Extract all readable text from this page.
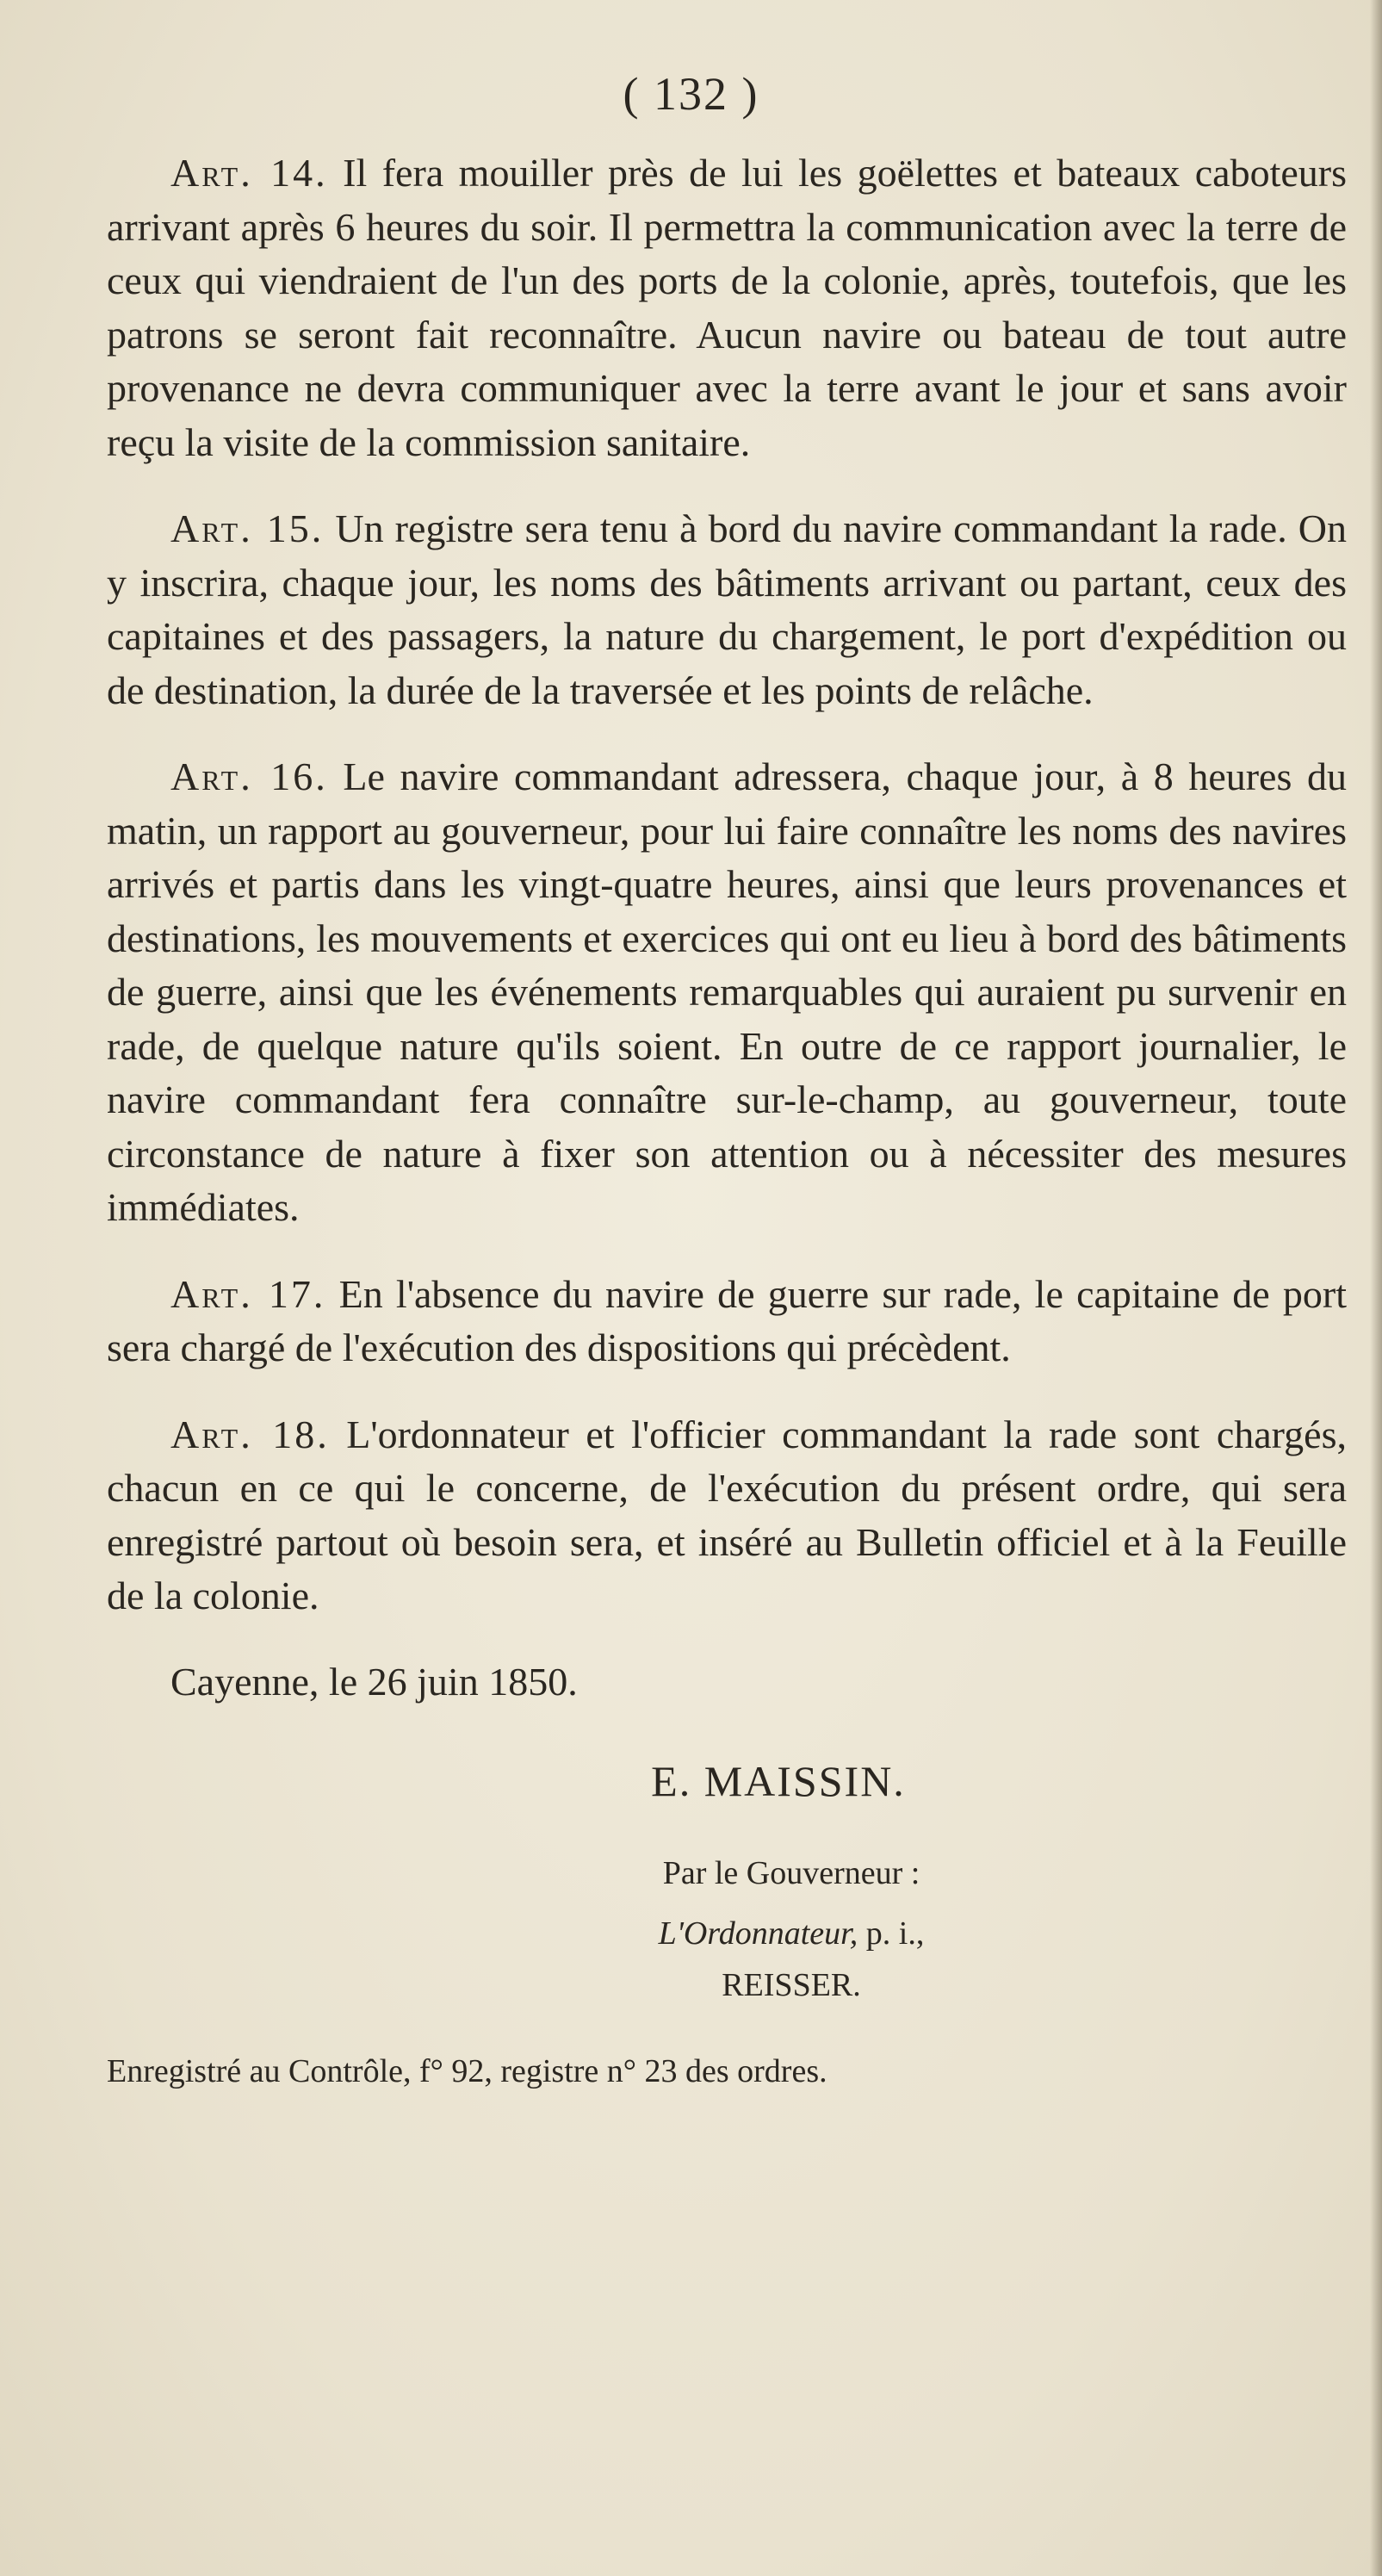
( 132 )

Art. 14. Il fera mouiller près de lui les goëlettes et bateaux caboteurs arrivant après 6 heures du soir. Il permettra la communication avec la terre de ceux qui viendraient de l'un des ports de la colonie, après, toutefois, que les patrons se seront fait reconnaître. Aucun navire ou bateau de tout autre provenance ne devra communiquer avec la terre avant le jour et sans avoir reçu la visite de la commission sanitaire.

Art. 15. Un registre sera tenu à bord du navire commandant la rade. On y inscrira, chaque jour, les noms des bâtiments arrivant ou partant, ceux des capitaines et des passagers, la nature du chargement, le port d'expédition ou de destination, la durée de la traversée et les points de relâche.

Art. 16. Le navire commandant adressera, chaque jour, à 8 heures du matin, un rapport au gouverneur, pour lui faire connaître les noms des navires arrivés et partis dans les vingt-quatre heures, ainsi que leurs provenances et destinations, les mouvements et exercices qui ont eu lieu à bord des bâtiments de guerre, ainsi que les événements remarquables qui auraient pu survenir en rade, de quelque nature qu'ils soient. En outre de ce rapport journalier, le navire commandant fera connaître sur-le-champ, au gouverneur, toute circonstance de nature à fixer son attention ou à nécessiter des mesures immédiates.

Art. 17. En l'absence du navire de guerre sur rade, le capitaine de port sera chargé de l'exécution des dispositions qui précèdent.

Art. 18. L'ordonnateur et l'officier commandant la rade sont chargés, chacun en ce qui le concerne, de l'exécution du présent ordre, qui sera enregistré partout où besoin sera, et inséré au Bulletin officiel et à la Feuille de la colonie.

Cayenne, le 26 juin 1850.

E. MAISSIN.
Par le Gouverneur :
L'Ordonnateur, p. i.,
REISSER.
Enregistré au Contrôle, f° 92, registre n° 23 des ordres.
